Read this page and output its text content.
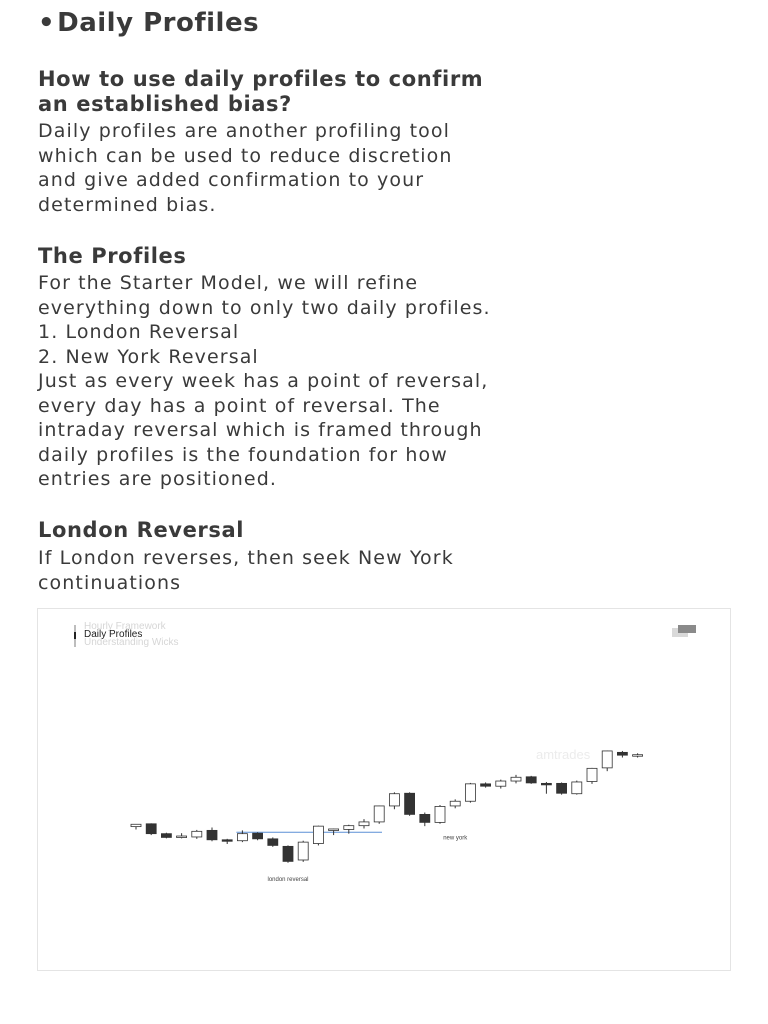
•Daily Profiles
How to use daily profiles to confirm
an established bias?

Daily profiles are another profiling tool
which can be used to reduce discretion
and give added confirmation to your
determined bias.

The Profiles

For the Starter Model, we will refine
everything down to only two daily profiles.
1. London Reversal
2. New York Reversal
Just as every week has a point of reversal,
every day has a point of reversal. The
intraday reversal which is framed through
daily profiles is the foundation for how
entries are positioned.

London Reversal

If London reverses, then seek New York
continuations

Hourly Framework
Daily Profiles
Understanding Wicks
amtrades
london reversal
new york
